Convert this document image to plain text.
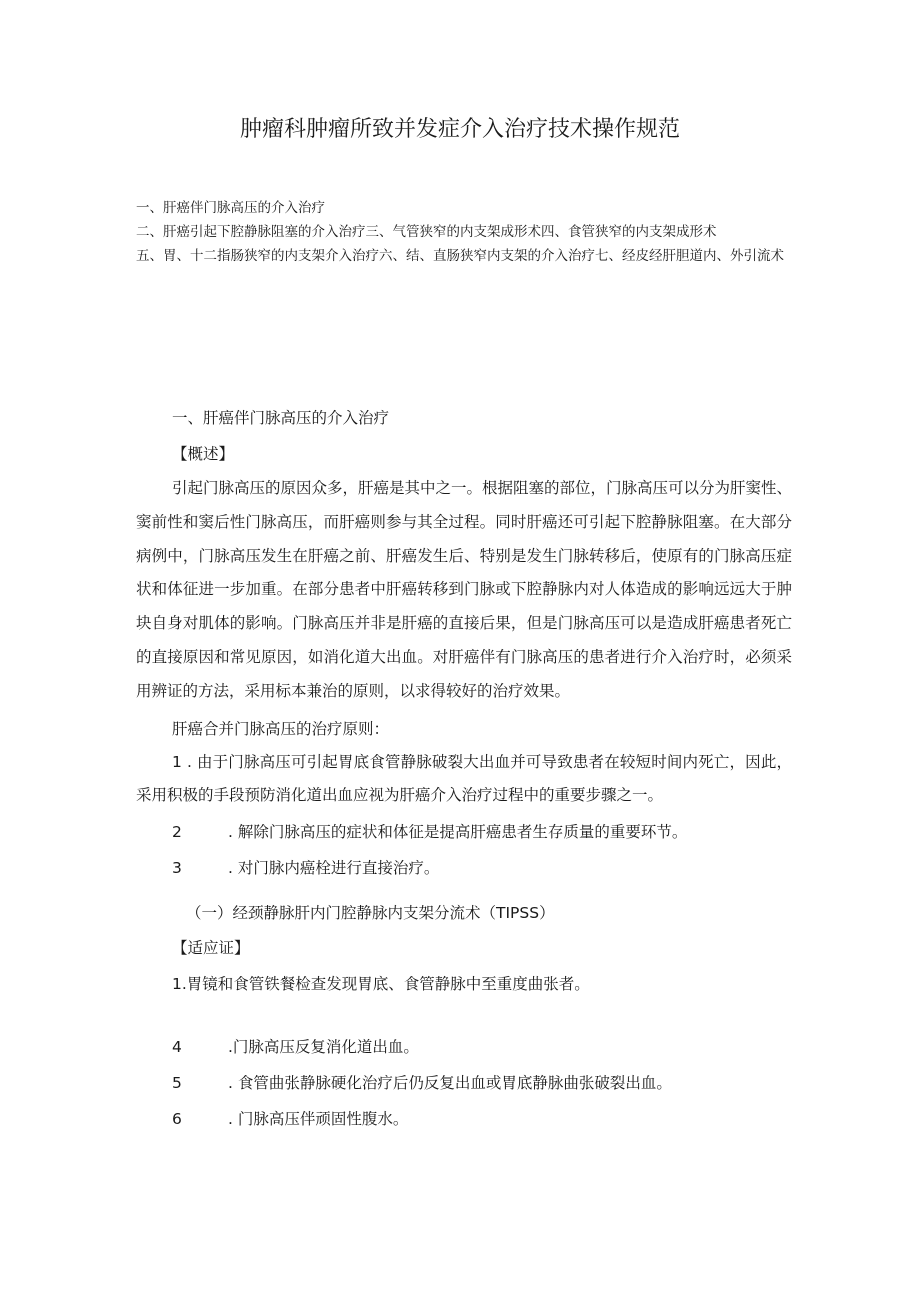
肿瘤科肿瘤所致并发症介入治疗技术操作规范

一、肝癌伴门脉高压的介入治疗

二、肝癌引起下腔静脉阻塞的介入治疗三、气管狭窄的内支架成形术四、食管狭窄的内支架成形术

五、胃、十二指肠狭窄的内支架介入治疗六、结、直肠狭窄内支架的介入治疗七、经皮经肝胆道内、外引流术

一、肝癌伴门脉高压的介入治疗

【概述】

引起门脉高压的原因众多，肝癌是其中之一。根据阻塞的部位，门脉高压可以分为肝窦性、窦前性和窦后性门脉高压，而肝癌则参与其全过程。同时肝癌还可引起下腔静脉阻塞。在大部分病例中，门脉高压发生在肝癌之前、肝癌发生后、特别是发生门脉转移后，使原有的门脉高压症状和体征进一步加重。在部分患者中肝癌转移到门脉或下腔静脉内对人体造成的影响远远大于肿块自身对肌体的影响。门脉高压并非是肝癌的直接后果，但是门脉高压可以是造成肝癌患者死亡的直接原因和常见原因，如消化道大出血。对肝癌伴有门脉高压的患者进行介入治疗时，必须采用辨证的方法，采用标本兼治的原则，以求得较好的治疗效果。

肝癌合并门脉高压的治疗原则：

1 . 由于门脉高压可引起胃底食管静脉破裂大出血并可导致患者在较短时间内死亡，因此，采用积极的手段预防消化道出血应视为肝癌介入治疗过程中的重要步骤之一。

2	. 解除门脉高压的症状和体征是提高肝癌患者生存质量的重要环节。
3	. 对门脉内癌栓进行直接治疗。

（一）经颈静脉肝内门腔静脉内支架分流术（TIPSS）

【适应证】

1.胃镜和食管铁餐检查发现胃底、食管静脉中至重度曲张者。

4	.门脉高压反复消化道出血。
5	. 食管曲张静脉硬化治疗后仍反复出血或胃底静脉曲张破裂出血。
6	. 门脉高压伴顽固性腹水。
